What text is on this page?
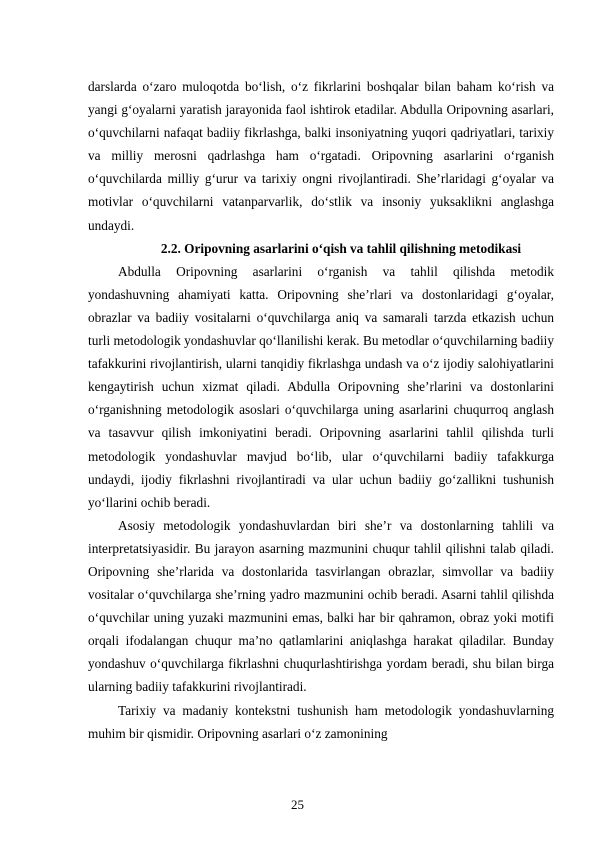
darslarda o‘zaro muloqotda bo‘lish, o‘z fikrlarini boshqalar bilan baham ko‘rish va yangi g‘oyalarni yaratish jarayonida faol ishtirok etadilar. Abdulla Oripovning asarlari, o‘quvchilarni nafaqat badiiy fikrlashga, balki insoniyatning yuqori qadriyatlari, tarixiy va milliy merosni qadrlashga ham o‘rgatadi. Oripovning asarlarini o‘rganish o‘quvchilarda milliy g‘urur va tarixiy ongni rivojlantiradi. She’rlaridagi g‘oyalar va motivlar o‘quvchilarni vatanparvarlik, do‘stlik va insoniy yuksaklikni anglashga undaydi.

2.2. Oripovning asarlarini o‘qish va tahlil qilishning metodikasi

Abdulla Oripovning asarlarini o‘rganish va tahlil qilishda metodik yondashuvning ahamiyati katta. Oripovning she’rlari va dostonlaridagi g‘oyalar, obrazlar va badiiy vositalarni o‘quvchilarga aniq va samarali tarzda etkazish uchun turli metodologik yondashuvlar qo‘llanilishi kerak. Bu metodlar o‘quvchilarning badiiy tafakkurini rivojlantirish, ularni tanqidiy fikrlashga undash va o‘z ijodiy salohiyatlarini kengaytirish uchun xizmat qiladi. Abdulla Oripovning she’rlarini va dostonlarini o‘rganishning metodologik asoslari o‘quvchilarga uning asarlarini chuqurroq anglash va tasavvur qilish imkoniyatini beradi. Oripovning asarlarini tahlil qilishda turli metodologik yondashuvlar mavjud bo‘lib, ular o‘quvchilarni badiiy tafakkurga undaydi, ijodiy fikrlashni rivojlantiradi va ular uchun badiiy go‘zallikni tushunish yo‘llarini ochib beradi.

Asosiy metodologik yondashuvlardan biri she’r va dostonlarning tahlili va interpretatsiyasidir. Bu jarayon asarning mazmunini chuqur tahlil qilishni talab qiladi. Oripovning she’rlarida va dostonlarida tasvirlangan obrazlar, simvollar va badiiy vositalar o‘quvchilarga she’rning yadro mazmunini ochib beradi. Asarni tahlil qilishda o‘quvchilar uning yuzaki mazmunini emas, balki har bir qahramon, obraz yoki motifi orqali ifodalangan chuqur ma’no qatlamlarini aniqlashga harakat qiladilar. Bunday yondashuv o‘quvchilarga fikrlashni chuqurlashtirishga yordam beradi, shu bilan birga ularning badiiy tafakkurini rivojlantiradi.

Tarixiy va madaniy kontekstni tushunish ham metodologik yondashuvlarning muhim bir qismidir. Oripovning asarlari o‘z zamonining

25
